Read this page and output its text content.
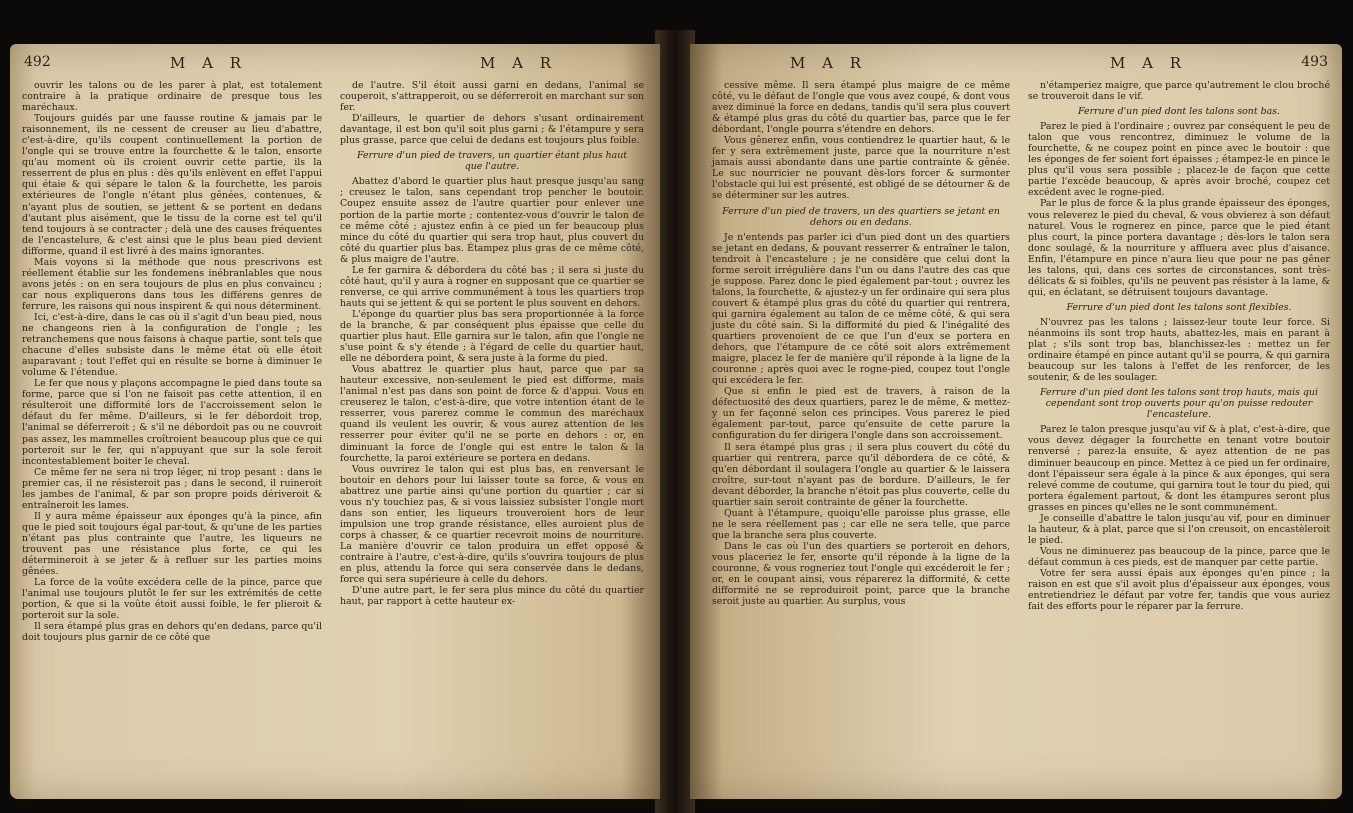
492	M A R	M A R

ouvrir les talons ou de les parer à plat, est totalement contraire à la pratique ordinaire de presque tous les maréchaux.

Toujours guidés par une fausse routine & jamais par le raisonnement, ils ne cessent de creuser au lieu d'abattre, c'est-à-dire, qu'ils coupent continuellement la portion de l'ongle qui se trouve entre la fourchette & le talon, ensorte qu'au moment où ils croient ouvrir cette partie, ils la resserrent de plus en plus : dès qu'ils enlèvent en effet l'appui qui étaie & qui sépare le talon & la fourchette, les parois extérieures de l'ongle n'étant plus gênées, contenues, & n'ayant plus de soutien, se jettent & se portent en dedans d'autant plus aisément, que le tissu de la corne est tel qu'il tend toujours à se contracter ; delà une des causes fréquentes de l'encastelure, & c'est ainsi que le plus beau pied devient difforme, quand il est livré à des mains ignorantes.

Mais voyons si la méthode que nous prescrivons est réellement établie sur les fondemens inébranlables que nous avons jetés : on en sera toujours de plus en plus convaincu ; car nous expliquerons dans tous les différens genres de ferrure, les raisons qui nous inspirent & qui nous déterminent.

Ici, c'est-à-dire, dans le cas où il s'agit d'un beau pied, nous ne changeons rien à la configuration de l'ongle ; les retranchemens que nous faisons à chaque partie, sont tels que chacune d'elles subsiste dans le même état où elle étoit auparavant ; tout l'effet qui en résulte se borne à diminuer le volume & l'étendue.

Le fer que nous y plaçons accompagne le pied dans toute sa forme, parce que si l'on ne faisoit pas cette attention, il en résulteroit une difformité lors de l'accroissement selon le défaut du fer même. D'ailleurs, si le fer débordoit trop, l'animal se déferreroit ; & s'il ne débordoit pas ou ne couvroit pas assez, les mammelles croîtroient beaucoup plus que ce qui porteroit sur le fer, qui n'appuyant que sur la sole feroit incontestablement boiter le cheval.

Ce même fer ne sera ni trop léger, ni trop pesant : dans le premier cas, il ne résisteroit pas ; dans le second, il ruineroit les jambes de l'animal, & par son propre poids dériveroit & entraîneroit les lames.

Il y aura même épaisseur aux éponges qu'à la pince, afin que le pied soit toujours égal par-tout, & qu'une de les parties n'étant pas plus contrainte que l'autre, les liqueurs ne trouvent pas une résistance plus forte, ce qui les détermineroit à se jeter & à refluer sur les parties moins gênées.

La force de la voûte excédera celle de la pince, parce que l'animal use toujours plutôt le fer sur les extrémités de cette portion, & que si la voûte étoit aussi foible, le fer plieroit & porteroit sur la sole.

Il sera étampé plus gras en dehors qu'en dedans, parce qu'il doit toujours plus garnir de ce côté que

de l'autre. S'il étoit aussi garni en dedans, l'animal se couperoit, s'attrapperoit, ou se déferreroit en marchant sur son fer.

D'ailleurs, le quartier de dehors s'usant ordinairement davantage, il est bon qu'il soit plus garni ; & l'étampure y sera plus grasse, parce que celui de dedans est toujours plus foible.

Ferrure d'un pied de travers, un quartier étant plus haut que l'autre.

Abattez d'abord le quartier plus haut presque jusqu'au sang ; creusez le talon, sans cependant trop pencher le boutoir. Coupez ensuite assez de l'autre quartier pour enlever une portion de la partie morte ; contentez-vous d'ouvrir le talon de ce même côté ; ajustez enfin à ce pied un fer beaucoup plus mince du côté du quartier qui sera trop haut, plus couvert du côté du quartier plus bas. Étampez plus gras de ce même côté, & plus maigre de l'autre.

Le fer garnira & débordera du côté bas ; il sera si juste du côté haut, qu'il y aura à rogner en supposant que ce quartier se renverse, ce qui arrive communément à tous les quartiers trop hauts qui se jettent & qui se portent le plus souvent en dehors.

L'éponge du quartier plus bas sera proportionnée à la force de la branche, & par conséquent plus épaisse que celle du quartier plus haut. Elle garnira sur le talon, afin que l'ongle ne s'use point & s'y étende ; à l'égard de celle du quartier haut, elle ne débordera point, & sera juste à la forme du pied.

Vous abattrez le quartier plus haut, parce que par sa hauteur excessive, non-seulement le pied est difforme, mais l'animal n'est pas dans son point de force & d'appui. Vous en creuserez le talon, c'est-à-dire, que votre intention étant de le resserrer, vous parerez comme le commun des maréchaux quand ils veulent les ouvrir, & vous aurez attention de les resserrer pour éviter qu'il ne se porte en dehors : or, en diminuant la force de l'ongle qui est entre le talon & la fourchette, la paroi extérieure se portera en dedans.

Vous ouvrirez le talon qui est plus bas, en renversant le boutoir en dehors pour lui laisser toute sa force, & vous en abattrez une partie ainsi qu'une portion du quartier ; car si vous n'y touchiez pas, & si vous laissiez subsister l'ongle mort dans son entier, les liqueurs trouveroient hors de leur impulsion une trop grande résistance, elles auroient plus de corps à chasser, & ce quartier recevroit moins de nourriture. La manière d'ouvrir ce talon produira un effet opposé & contraire à l'autre, c'est-à-dire, qu'ils s'ouvrira toujours de plus en plus, attendu la force qui sera conservée dans le dedans, force qui sera supérieure à celle du dehors.

D'une autre part, le fer sera plus mince du côté du quartier haut, par rapport à cette hauteur ex-

M A R	M A R	493

cessive même. Il sera étampé plus maigre de ce même côté, vu le défaut de l'ongle que vous avez coupé, & dont vous avez diminué la force en dedans, tandis qu'il sera plus couvert & étampé plus gras du côté du quartier bas, parce que le fer débordant, l'ongle pourra s'étendre en dehors.

Vous gênerez enfin, vous contiendrez le quartier haut, & le fer y sera extrêmement juste, parce que la nourriture n'est jamais aussi abondante dans une partie contrainte & gênée. Le suc nourricier ne pouvant dès-lors forcer & surmonter l'obstacle qui lui est présenté, est obligé de se détourner & de se déterminer sur les autres.

Ferrure d'un pied de travers, un des quartiers se jetant en dehors ou en dedans.

Je n'entends pas parler ici d'un pied dont un des quartiers se jetant en dedans, & pouvant resserrer & entraîner le talon, tendroit à l'encastelure ; je ne considère que celui dont la forme seroit irrégulière dans l'un ou dans l'autre des cas que je suppose. Parez donc le pied également par-tout ; ouvrez les talons, la fourchette, & ajustez-y un fer ordinaire qui sera plus couvert & étampé plus gras du côté du quartier qui rentrera, qui garnira également au talon de ce même côté, & qui sera juste du côté sain. Si la difformité du pied & l'inégalité des quartiers provenoient de ce que l'un d'eux se portera en dehors, que l'étampure de ce côté soit alors extrêmement maigre, placez le fer de manière qu'il réponde à la ligne de la couronne ; après quoi avec le rogne-pied, coupez tout l'ongle qui excédera le fer.

Que si enfin le pied est de travers, à raison de la défectuosité des deux quartiers, parez le de même, & mettez-y un fer façonné selon ces principes. Vous parerez le pied également par-tout, parce qu'ensuite de cette parure la configuration du fer dirigera l'ongle dans son accroissement.

Il sera étampé plus gras ; il sera plus couvert du côté du quartier qui rentrera, parce qu'il débordera de ce côté, & qu'en débordant il soulagera l'ongle au quartier & le laissera croître, sur-tout n'ayant pas de bordure. D'ailleurs, le fer devant déborder, la branche n'étoit pas plus couverte, celle du quartier sain seroit contrainte de gêner la fourchette.

Quant à l'étampure, quoiqu'elle paroisse plus grasse, elle ne le sera réellement pas ; car elle ne sera telle, que parce que la branche sera plus couverte.

Dans le cas où l'un des quartiers se porteroit en dehors, vous placeriez le fer, ensorte qu'il réponde à la ligne de la couronne, & vous rogneriez tout l'ongle qui excéderoit le fer ; or, en le coupant ainsi, vous réparerez la difformité, & cette difformité ne se reproduiroit point, parce que la branche seroit juste au quartier. Au surplus, vous

n'étamperiez maigre, que parce qu'autrement le clou broché se trouveroit dans le vif.

Ferrure d'un pied dont les talons sont bas.

Parez le pied à l'ordinaire ; ouvrez par conséquent le peu de talon que vous rencontrez, diminuez le volume de la fourchette, & ne coupez point en pince avec le boutoir : que les éponges de fer soient fort épaisses ; étampez-le en pince le plus qu'il vous sera possible ; placez-le de façon que cette partie l'excède beaucoup, & après avoir broché, coupez cet excédent avec le rogne-pied.

Par le plus de force & la plus grande épaisseur des éponges, vous releverez le pied du cheval, & vous obvierez à son défaut naturel. Vous le rognerez en pince, parce que le pied étant plus court, la pince portera davantage ; dès-lors le talon sera donc soulagé, & la nourriture y affluera avec plus d'aisance. Enfin, l'étampure en pince n'aura lieu que pour ne pas gêner les talons, qui, dans ces sortes de circonstances, sont très-délicats & si foibles, qu'ils ne peuvent pas résister à la lame, & qui, en éclatant, se détruisent toujours davantage.

Ferrure d'un pied dont les talons sont flexibles.

N'ouvrez pas les talons ; laissez-leur toute leur force. Si néanmoins ils sont trop hauts, abattez-les, mais en parant à plat ; s'ils sont trop bas, blanchissez-les : mettez un fer ordinaire étampé en pince autant qu'il se pourra, & qui garnira beaucoup sur les talons à l'effet de les renforcer, de les soutenir, & de les soulager.

Ferrure d'un pied dont les talons sont trop hauts, mais qui cependant sont trop ouverts pour qu'on puisse redouter l'encastelure.

Parez le talon presque jusqu'au vif & à plat, c'est-à-dire, que vous devez dégager la fourchette en tenant votre boutoir renversé ; parez-la ensuite, & ayez attention de ne pas diminuer beaucoup en pince. Mettez à ce pied un fer ordinaire, dont l'épaisseur sera égale à la pince & aux éponges, qui sera relevé comme de coutume, qui garnira tout le tour du pied, qui portera également partout, & dont les étampures seront plus grasses en pinces qu'elles ne le sont communément.

Je conseille d'abattre le talon jusqu'au vif, pour en diminuer la hauteur, & à plat, parce que si l'on creusoit, on encastèleroit le pied.

Vous ne diminuerez pas beaucoup de la pince, parce que le défaut commun à ces pieds, est de manquer par cette partie.

Votre fer sera aussi épais aux éponges qu'en pince ; la raison en est que s'il avoit plus d'épaisseur aux éponges, vous entretiendriez le défaut par votre fer, tandis que vous auriez fait des efforts pour le réparer par la ferrure.
